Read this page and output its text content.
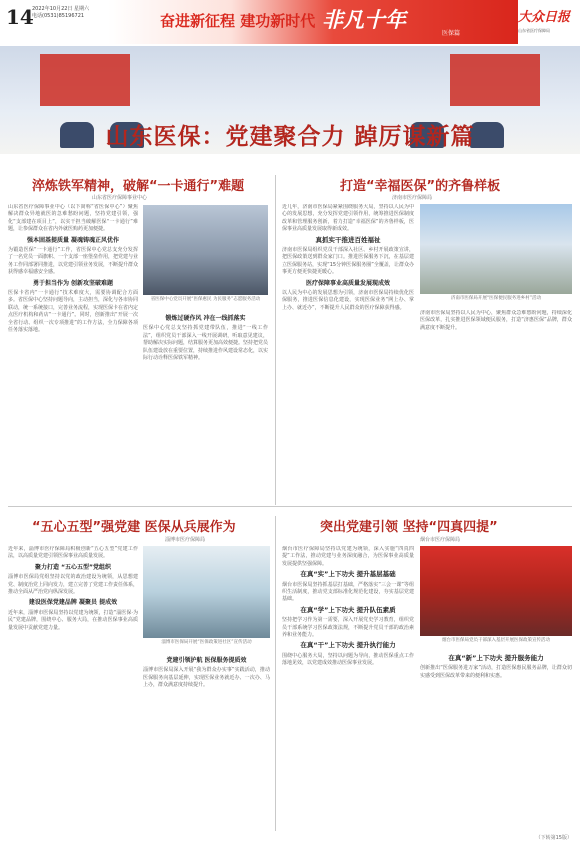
14
2022年10月22日 星期六
电话(0531)85196721	奋进新征程 建功新时代 非凡十年
医保篇
大众日报
山东省医疗保障局
山东医保：党建聚合力 踔厉谋新篇
淬炼铁军精神，破解“一卡通行”难题
山东省医疗保障事业中心

山东省医疗保障事业中心（以下简称“省医保中心”）聚焦解决群众异地就医的急难愁盼问题，坚持党建引领，强化“支部建在项目上”，以实干担当破解医保“一卡通行”难题，让参保群众在省内外就医购药更加便捷。

强本固基提质量 凝魂铸魂正风优作

为锻造医保“一卡通行”工作，省医保中心党总支充分发挥了一名党员一面旗帜、一个支部一座堡垒作用，把党建与业务工作同部署同推进，以党建引领业务发展，不断提升群众获得感幸福感安全感。

勇于担当作为 创新攻坚破难题

医保卡省内“一卡通行”技术难度大，需要协调配合方面多。省医保中心坚持问题导向，主动担当，深化与各市协同联动，统一系统接口，完善业务流程，实现医保卡在省内定点医疗机构和药店“一卡通行”。同时，创新推出“开展一次全省行动、组织一次专项推进”的工作方法，全力保障各项任务落实落地。

省医保中心党员开展“医保惠民 为民服务”志愿服务活动
锻炼过硬作风 冲在一线抓落实

医保中心党总支坚持抓党建带队伍，推进“一线工作法”，组织党员干部深入一线开展调研，听取意见建议，帮助解决实际问题，结算服务更加高效便捷。坚持把党员队伍建设放在重要位置，持续推进作风建设常态化，以实际行动诠释医保铁军精神。

打造“幸福医保”的齐鲁样板
济南市医疗保障局

近几年，济南市医保局紧紧围绕服务大局，坚持以人民为中心的发展思想，充分发挥党建引领作用，统筹推进医保制度改革和管理服务创新，着力打造“幸福医保”的齐鲁样板，医保事业高质量发展取得新成效。

真抓实干推进百姓福祉

济南市医保局组织党员干部深入社区、乡村开展政策宣讲，把医保政策送到群众家门口。推进医保服务下沉，在基层建立医保服务站，实现“15分钟医保服务圈”全覆盖，让群众办事更方便更快捷更暖心。

医疗保障事业高质量发展现成效

以人民为中心的发展思想为引领，济南市医保局持续优化医保服务，推进医保信息化建设，实现医保业务“网上办、掌上办、就近办”，不断提升人民群众的医疗保障获得感。

济南市医保局开展“医保便民服务进乡村”活动

济南市医保局坚持以人民为中心，聚焦群众急难愁盼问题，持续深化医保改革，扎实推进医保领域便民服务，打造“济惠医保”品牌，群众满意度不断提升。

“五心五型”强党建 医保从兵展作为
淄博市医疗保障局

近年来，淄博市医疗保障局积极创新“五心五型”党建工作法，以高质量党建引领医保事业高质量发展。

聚力打造 “五心五型”党组织

淄博市医保局党组坚持以党的政治建设为统领，从思想建党、制度治党上同向发力，建立完善了党建工作责任体系，推动全面从严治党向纵深发展。

建设医保党建品牌 凝聚员 提成效

近年来，淄博市医保局坚持以党建为统领，打造“淄医保·为民”党建品牌，围绕中心、服务大局，在推动医保事业高质量发展中贡献党建力量。

淄博市医保局开展“医保政策进社区”宣传活动
党建引领护航 医保服务提质效

淄博市医保局深入开展“我为群众办实事”实践活动，推动医保服务向基层延伸，实现医保业务就近办、一次办、马上办，群众满意度持续提升。

突出党建引领 坚持“四真四提”
烟台市医疗保障局

烟台市医疗保障局坚持以党建为统领，深入实施“四真四提”工作法，推动党建与业务深度融合，为医保事业高质量发展提供坚强保障。

在真“实”上下功夫 提升基层基础

烟台市医保局坚持抓基层打基础，严格落实“三会一课”等组织生活制度，推动党支部标准化规范化建设，夯实基层党建基础。

在真“学”上下功夫 提升队伍素质

坚持把学习作为第一需要，深入开展党史学习教育，组织党员干部系统学习医保政策法规，不断提升党员干部的政治素养和业务能力。

在真“干”上下功夫 提升执行能力

围绕中心服务大局，坚持以问题为导向，推动医保重点工作落地见效，以党建成效推动医保事业发展。

烟台市医保局党员干部深入基层开展医保政策宣传活动
在真“新”上下功夫 提升服务能力

创新推出“医保服务进万家”活动，打造医保惠民服务品牌，让群众切实感受到医保改革带来的便利和实惠。

（下转第15版）
